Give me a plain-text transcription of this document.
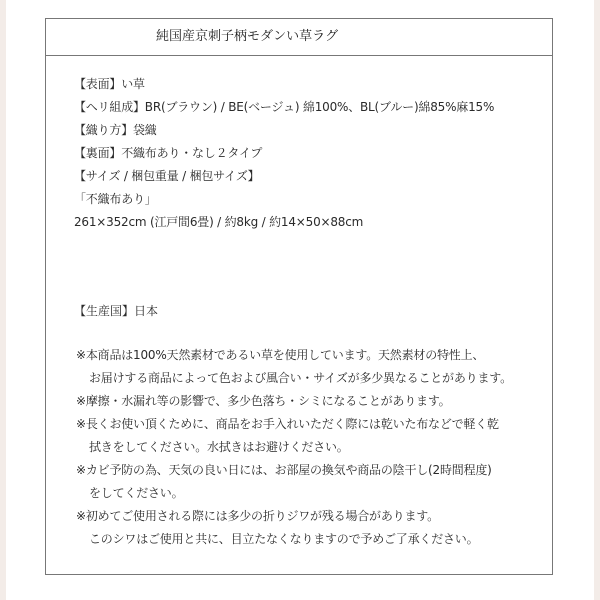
純国産京刺子柄モダンい草ラグ
【表面】い草
【ヘリ組成】BR(ブラウン) / BE(ベージュ) 綿100%、BL(ブルー)綿85%麻15%
【織り方】袋織
【裏面】不織布あり・なし２タイプ
【サイズ / 梱包重量 / 梱包サイズ】
「不織布あり」
261×352cm (江戸間6畳) / 約8kg / 約14×50×88cm
【生産国】日本
※本商品は100%天然素材であるい草を使用しています。天然素材の特性上、
お届けする商品によって色および風合い・サイズが多少異なることがあります。
※摩擦・水漏れ等の影響で、多少色落ち・シミになることがあります。
※長くお使い頂くために、商品をお手入れいただく際には乾いた布などで軽く乾
拭きをしてください。水拭きはお避けください。
※カビ予防の為、天気の良い日には、お部屋の換気や商品の陰干し(2時間程度)
をしてください。
※初めてご使用される際には多少の折りジワが残る場合があります。
このシワはご使用と共に、目立たなくなりますので予めご了承ください。
